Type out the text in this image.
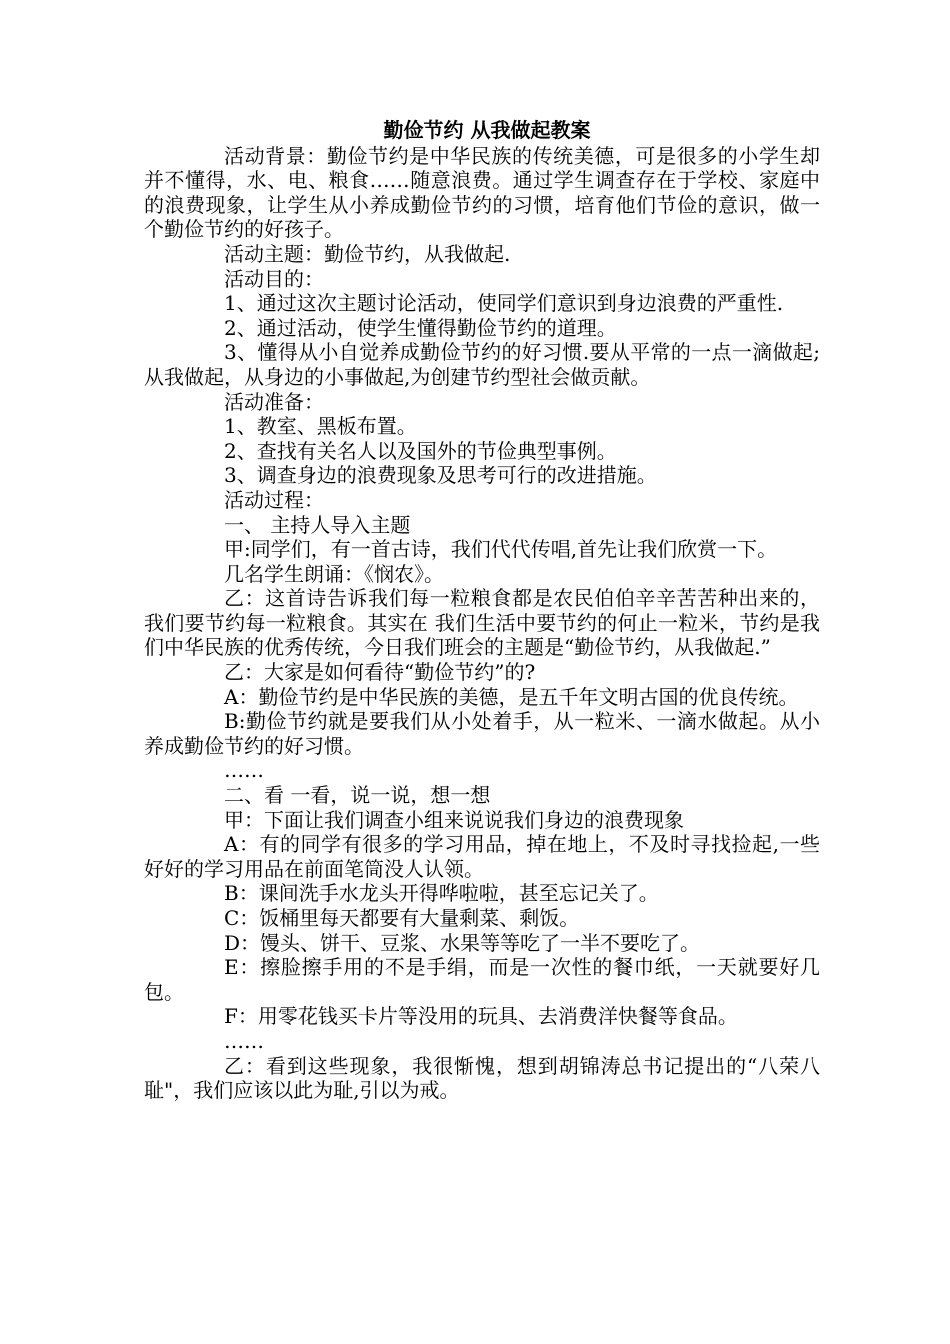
勤俭节约 从我做起教案

活动背景：勤俭节约是中华民族的传统美德，可是很多的小学生却并不懂得，水、电、粮食……随意浪费。通过学生调查存在于学校、家庭中的浪费现象，让学生从小养成勤俭节约的习惯，培育他们节俭的意识，做一个勤俭节约的好孩子。

活动主题：勤俭节约，从我做起.

活动目的：

1、通过这次主题讨论活动，使同学们意识到身边浪费的严重性.

2、通过活动，使学生懂得勤俭节约的道理。

3、懂得从小自觉养成勤俭节约的好习惯.要从平常的一点一滴做起;从我做起，从身边的小事做起,为创建节约型社会做贡献。

活动准备：

1、教室、黑板布置。

2、查找有关名人以及国外的节俭典型事例。

3、调查身边的浪费现象及思考可行的改进措施。

活动过程：

一、 主持人导入主题

甲:同学们，有一首古诗，我们代代传唱,首先让我们欣赏一下。

几名学生朗诵：《悯农》。

乙：这首诗告诉我们每一粒粮食都是农民伯伯辛辛苦苦种出来的，我们要节约每一粒粮食。其实在 我们生活中要节约的何止一粒米，节约是我们中华民族的优秀传统，今日我们班会的主题是“勤俭节约，从我做起.”

乙：大家是如何看待“勤俭节约”的?

A：勤俭节约是中华民族的美德，是五千年文明古国的优良传统。

B:勤俭节约就是要我们从小处着手，从一粒米、一滴水做起。从小养成勤俭节约的好习惯。

……

二、看 一看，说一说，想一想

甲：下面让我们调查小组来说说我们身边的浪费现象

A：有的同学有很多的学习用品，掉在地上，不及时寻找捡起,一些好好的学习用品在前面笔筒没人认领。

B：课间洗手水龙头开得哗啦啦，甚至忘记关了。

C：饭桶里每天都要有大量剩菜、剩饭。

D：馒头、饼干、豆浆、水果等等吃了一半不要吃了。

E：擦脸擦手用的不是手绢，而是一次性的餐巾纸，一天就要好几包。

F：用零花钱买卡片等没用的玩具、去消费洋快餐等食品。

……

乙：看到这些现象，我很惭愧，想到胡锦涛总书记提出的“八荣八耻"，我们应该以此为耻,引以为戒。
